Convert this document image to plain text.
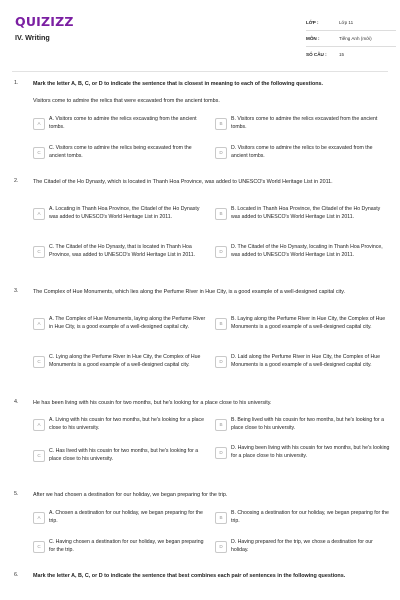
QUIZIZZ
IV. Writing
LỚP :	Lớp 11
MÔN :	Tiếng Anh (mới)
SỐ CÂU :	15
1.	Mark the letter A, B, C, or D to indicate the sentence that is closest in meaning to each of the following questions.
Visitors come to admire the relics that were excavated from the ancient tombs.
A
A. Visitors come to admire the relics excavating from the ancient tombs.	B
B. Visitors come to admire the relics excavated from the ancient tombs.
C
C. Visitors come to admire the relics being excavated from the ancient tombs.	D
D. Visitors come to admire the relics to be excavated from the ancient tombs.
2.	The Citadel of the Ho Dynasty, which is located in Thanh Hoa Province, was added to UNESCO's World Heritage List in 2011.
A
A. Locating in Thanh Hoa Province, the Citadel of the Ho Dynasty was added to UNESCO's World Heritage List in 2011.	B
B. Located in Thanh Hoa Province, the Citadel of the Ho Dynasty was added to UNESCO's World Heritage List in 2011.
C
C. The Citadel of the Ho Dynasty, that is located in Thanh Hoa Province, was added to UNESCO's World Heritage List in 2011.	D
D. The Citadel of the Ho Dynasty, locating in Thanh Hoa Province, was added to UNESCO's World Heritage List in 2011.
3.	The Complex of Hue Monuments, which lies along the Perfume River in Hue City, is a good example of a well-designed capital city.
A
A. The Complex of Hue Monuments, laying along the Perfume River in Hue City, is a good example of a well-designed capital city.	B
B. Laying along the Perfume River in Hue City, the Complex of Hue Monuments is a good example of a well-designed capital city.
C
C. Lying along the Perfume River in Hue City, the Complex of Hue Monuments is a good example of a well-designed capital city.	D
D. Laid along the Perfume River in Hue City, the Complex of Hue Monuments is a good example of a well-designed capital city.
4.	He has been living with his cousin for two months, but he's looking for a place close to his university.
A
A. Living with his cousin for two months, but he's looking for a place close to his university.	B
B. Being lived with his cousin for two months, but he's looking for a place close to his university.
C
C. Has lived with his cousin for two months, but he's looking for a place close to his university.
D
D. Having been living with his cousin for two months, but he's looking for a place close to his university.
5.	After we had chosen a destination for our holiday, we began preparing for the trip.
A
A. Chosen a destination for our holiday, we began preparing for the trip.	B
B. Choosing a destination for our holiday, we began preparing for the trip.
C
C. Having chosen a destination for our holiday, we began preparing for the trip.	D
D. Having prepared for the trip, we chose a destination for our holiday.
6.	Mark the letter A, B, C, or D to indicate the sentence that best combines each pair of sentences in the following questions.
